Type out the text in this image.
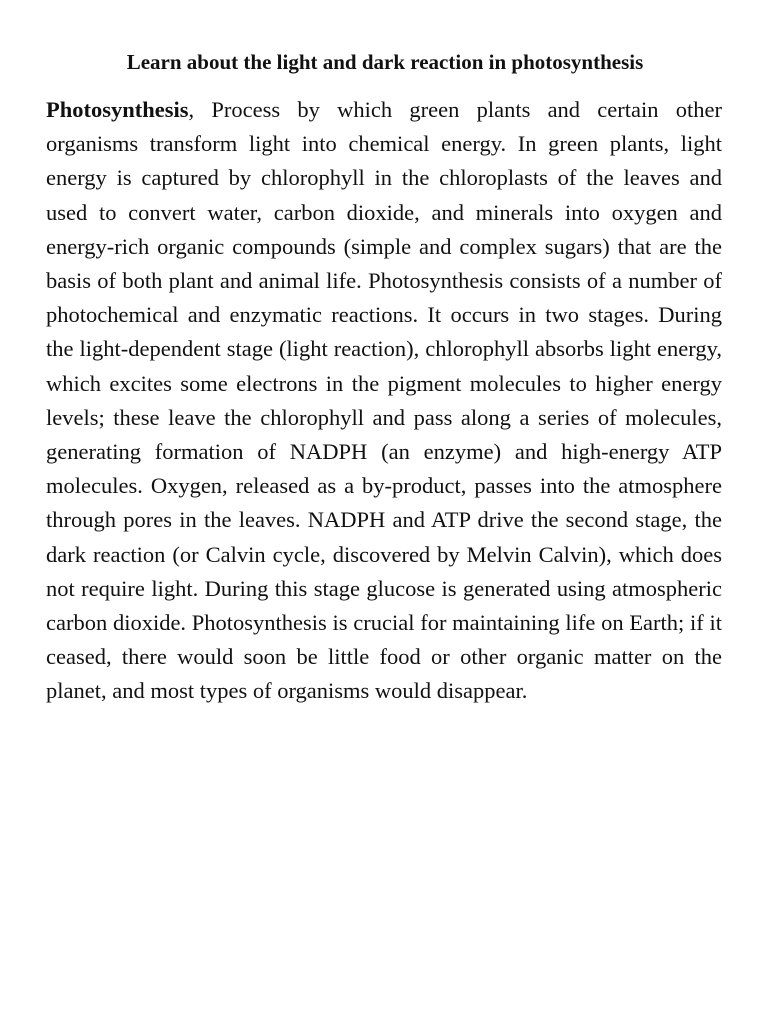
Learn about the light and dark reaction in photosynthesis

Photosynthesis, Process by which green plants and certain other organisms transform light into chemical energy. In green plants, light energy is captured by chlorophyll in the chloroplasts of the leaves and used to convert water, carbon dioxide, and minerals into oxygen and energy-rich organic compounds (simple and complex sugars) that are the basis of both plant and animal life. Photosynthesis consists of a number of photochemical and enzymatic reactions. It occurs in two stages. During the light-dependent stage (light reaction), chlorophyll absorbs light energy, which excites some electrons in the pigment molecules to higher energy levels; these leave the chlorophyll and pass along a series of molecules, generating formation of NADPH (an enzyme) and high-energy ATP molecules. Oxygen, released as a by-product, passes into the atmosphere through pores in the leaves. NADPH and ATP drive the second stage, the dark reaction (or Calvin cycle, discovered by Melvin Calvin), which does not require light. During this stage glucose is generated using atmospheric carbon dioxide. Photosynthesis is crucial for maintaining life on Earth; if it ceased, there would soon be little food or other organic matter on the planet, and most types of organisms would disappear.
